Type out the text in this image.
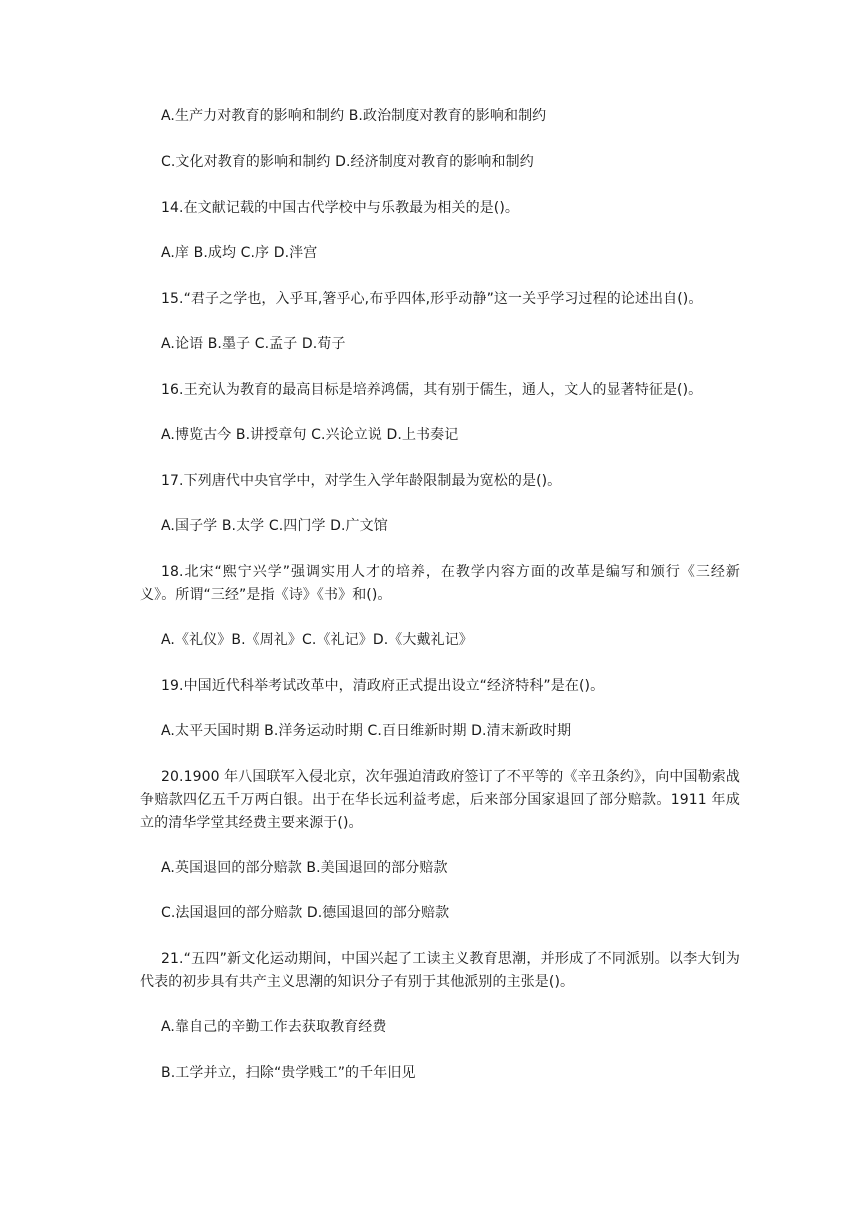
A.生产力对教育的影响和制约 B.政治制度对教育的影响和制约

C.文化对教育的影响和制约 D.经济制度对教育的影响和制约

14.在文献记载的中国古代学校中与乐教最为相关的是()。

A.庠 B.成均 C.序 D.泮宫

15.“君子之学也，入乎耳,箸乎心,布乎四体,形乎动静”这一关乎学习过程的论述出自()。

A.论语 B.墨子 C.孟子 D.荀子

16.王充认为教育的最高目标是培养鸿儒，其有别于儒生，通人，文人的显著特征是()。

A.博览古今 B.讲授章句 C.兴论立说 D.上书奏记

17.下列唐代中央官学中，对学生入学年龄限制最为宽松的是()。

A.国子学 B.太学 C.四门学 D.广文馆

18.北宋“熙宁兴学”强调实用人才的培养，在教学内容方面的改革是编写和颁行《三经新义》。所谓“三经”是指《诗》《书》和()。

A.《礼仪》B.《周礼》C.《礼记》D.《大戴礼记》

19.中国近代科举考试改革中，清政府正式提出设立“经济特科”是在()。

A.太平天国时期 B.洋务运动时期 C.百日维新时期 D.清末新政时期

20.1900 年八国联军入侵北京，次年强迫清政府签订了不平等的《辛丑条约》，向中国勒索战争赔款四亿五千万两白银。出于在华长远利益考虑，后来部分国家退回了部分赔款。1911 年成立的清华学堂其经费主要来源于()。

A.英国退回的部分赔款 B.美国退回的部分赔款

C.法国退回的部分赔款 D.德国退回的部分赔款

21.“五四”新文化运动期间，中国兴起了工读主义教育思潮，并形成了不同派别。以李大钊为代表的初步具有共产主义思潮的知识分子有别于其他派别的主张是()。

A.靠自己的辛勤工作去获取教育经费

B.工学并立，扫除“贵学贱工”的千年旧见
